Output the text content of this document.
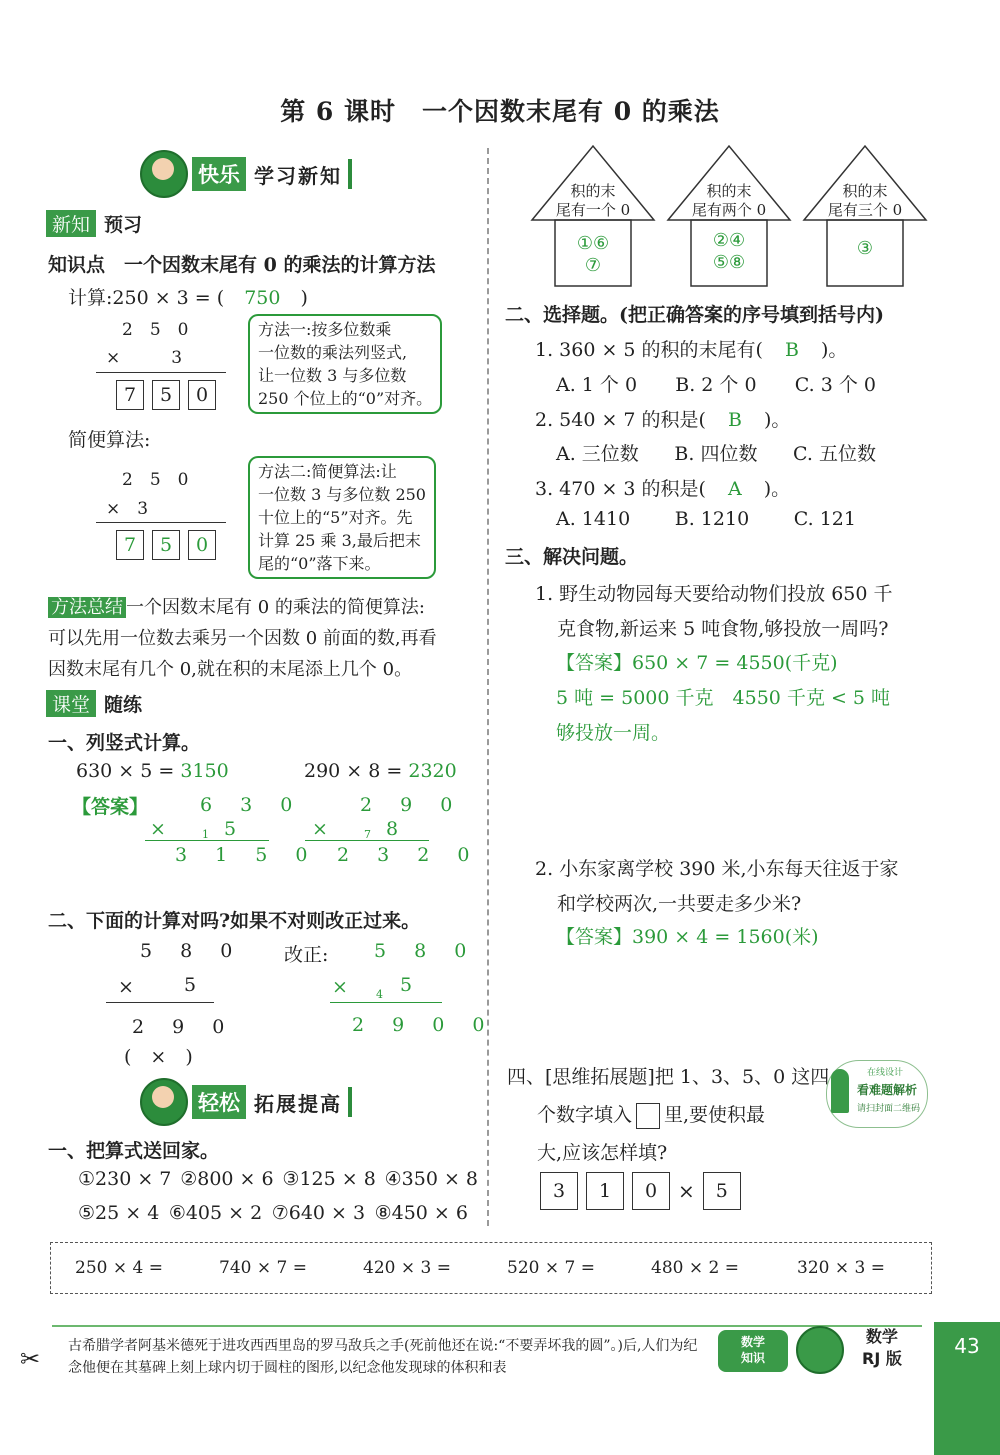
第 6 课时　一个因数末尾有 0 的乘法
快乐 学习新知
新知 预习
知识点　一个因数末尾有 0 的乘法的计算方法
计算:250 × 3 = ( 750 )
2　5　0
×　　　3
7 5 0
方法一:按多位数乘
一位数的乘法列竖式,
让一位数 3 与多位数
250 个位上的“0”对齐。
简便算法:
2　5　0
×　3
7 5 0
方法二:简便算法:让
一位数 3 与多位数 250
十位上的“5”对齐。先
计算 25 乘 3,最后把末
尾的“0”落下来。
方法总结 一个因数末尾有 0 的乘法的简便算法:
可以先用一位数去乘另一个因数 0 前面的数,再看
因数末尾有几个 0,就在积的末尾添上几个 0。
课堂 随练
一、列竖式计算。
630 × 5 = 3150	290 × 8 = 2320
【答案】	6 3 0
×	1 5
3 1 5 0
2 9 0
×	7 8
2 3 2 0
二、下面的计算对吗?如果不对则改正过来。
5 8 0
×	5
2 9 0
(　×　)
改正: 5 8 0
×	4 5
2 9 0 0
轻松 拓展提高
一、把算式送回家。
①230 × 7 ②800 × 6 ③125 × 8 ④350 × 8
⑤25 × 4 ⑥405 × 2 ⑦640 × 3 ⑧450 × 6
积的末
尾有一个 0
①⑥
⑦
积的末
尾有两个 0
②④
⑤⑧
积的末
尾有三个 0
③
二、选择题。(把正确答案的序号填到括号内)
1. 360 × 5 的积的末尾有( B )。
A. 1 个 0 B. 2 个 0 C. 3 个 0
2. 540 × 7 的积是( B )。
A. 三位数 B. 四位数 C. 五位数
3. 470 × 3 的积是( A )。
A. 1410 B. 1210 C. 121
三、解决问题。
1. 野生动物园每天要给动物们投放 650 千
克食物,新运来 5 吨食物,够投放一周吗?
【答案】650 × 7 = 4550(千克)
5 吨 = 5000 千克　4550 千克 < 5 吨
够投放一周。
2. 小东家离学校 390 米,小东每天往返于家
和学校两次,一共要走多少米?
【答案】390 × 4 = 1560(米)
四、[思维拓展题]把 1、3、5、0 这四
个数字填入 里,要使积最
大,应该怎样填?
在线设计
看难题解析
请扫封面二维码
3	1	0	×	5
250 × 4 =	740 × 7 =	420 × 3 =	520 × 7 =	480 × 2 =	320 × 3 =
✂ 古希腊学者阿基米德死于进攻西西里岛的罗马敌兵之手(死前他还在说:“不要弄坏我的圆”。)后,人们为纪念他便在其墓碑上刻上球内切于圆柱的图形,以纪念他发现球的体积和表
数学
知识
数学
RJ 版
43
